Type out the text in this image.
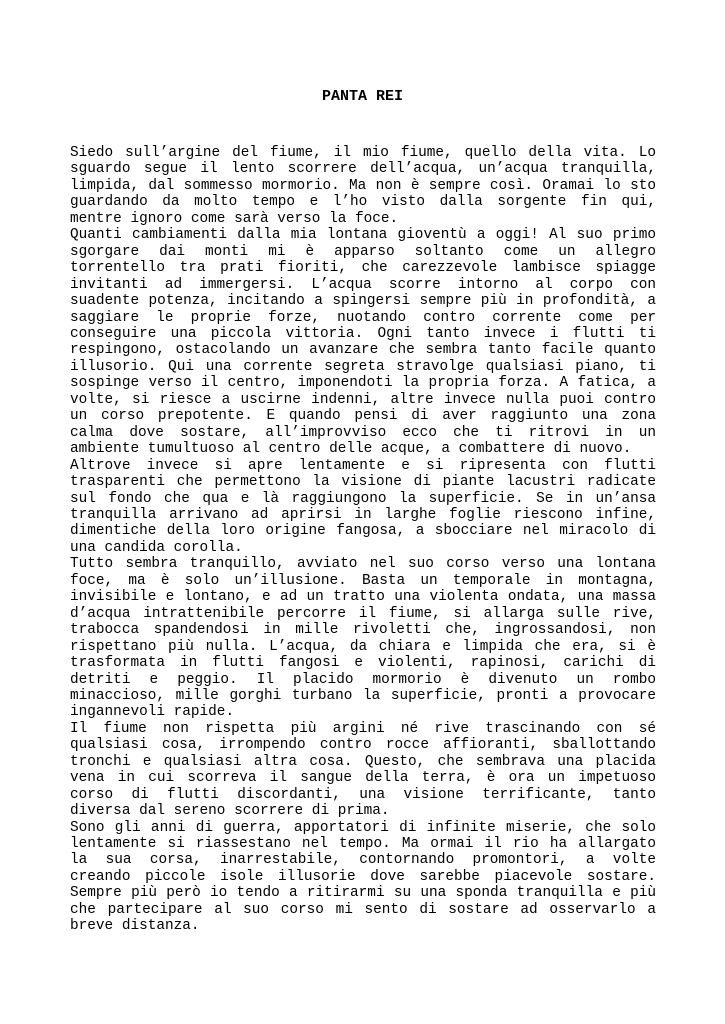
PANTA REI

Siedo sull’argine del fiume, il mio fiume, quello della vita. Lo sguardo segue il lento scorrere dell’acqua, un’acqua tranquilla, limpida, dal sommesso mormorio. Ma non è sempre così. Oramai lo sto guardando da molto tempo e l’ho visto dalla sorgente fin qui, mentre ignoro come sarà verso la foce.

Quanti cambiamenti dalla mia lontana gioventù a oggi! Al suo primo sgorgare dai monti mi è apparso soltanto come un allegro torrentello tra prati fioriti, che carezzevole lambisce spiagge invitanti ad immergersi. L’acqua scorre intorno al corpo con suadente potenza, incitando a spingersi sempre più in profondità, a saggiare le proprie forze, nuotando contro corrente come per conseguire una piccola vittoria. Ogni tanto invece i flutti ti respingono, ostacolando un avanzare che sembra tanto facile quanto illusorio. Qui una corrente segreta stravolge qualsiasi piano, ti sospinge verso il centro, imponendoti la propria forza. A fatica, a volte, si riesce a uscirne indenni, altre invece nulla puoi contro un corso prepotente. E quando pensi di aver raggiunto una zona calma dove sostare, all’improvviso ecco che ti ritrovi in un ambiente tumultuoso al centro delle acque, a combattere di nuovo.

Altrove invece si apre lentamente e si ripresenta con flutti trasparenti che permettono la visione di piante lacustri radicate sul fondo che qua e là raggiungono la superficie. Se in un’ansa tranquilla arrivano ad aprirsi in larghe foglie riescono infine, dimentiche della loro origine fangosa, a sbocciare nel miracolo di una candida corolla.

Tutto sembra tranquillo, avviato nel suo corso verso una lontana foce, ma è solo un’illusione. Basta un temporale in montagna, invisibile e lontano, e ad un tratto una violenta ondata, una massa d’acqua intrattenibile percorre il fiume, si allarga sulle rive, trabocca spandendosi in mille rivoletti che, ingrossandosi, non rispettano più nulla. L’acqua, da chiara e limpida che era, si è trasformata in flutti fangosi e violenti, rapinosi, carichi di detriti e peggio. Il placido mormorio è divenuto un rombo minaccioso, mille gorghi turbano la superficie, pronti a provocare ingannevoli rapide.

Il fiume non rispetta più argini né rive trascinando con sé qualsiasi cosa, irrompendo contro rocce affioranti, sballottando tronchi e qualsiasi altra cosa. Questo, che sembrava una placida vena in cui scorreva il sangue della terra, è ora un impetuoso corso di flutti discordanti, una visione terrificante, tanto diversa dal sereno scorrere di prima.

Sono gli anni di guerra, apportatori di infinite miserie, che solo lentamente si riassestano nel tempo. Ma ormai il rio ha allargato la sua corsa, inarrestabile, contornando promontori, a volte creando piccole isole illusorie dove sarebbe piacevole sostare. Sempre più però io tendo a ritirarmi su una sponda tranquilla e più che partecipare al suo corso mi sento di sostare ad osservarlo a breve distanza.
